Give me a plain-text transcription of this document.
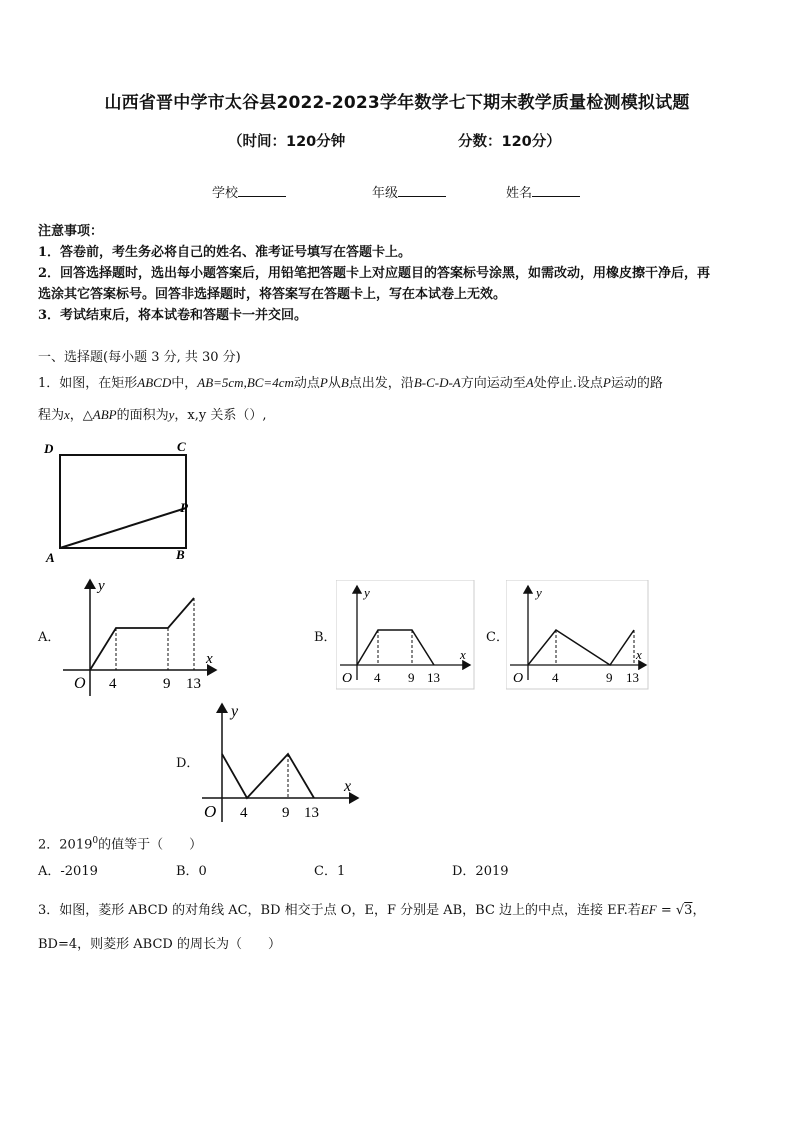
山西省晋中学市太谷县2022-2023学年数学七下期末教学质量检测模拟试题
（时间：120分钟	分数：120分）
学校	年级	姓名
注意事项：
1．答卷前，考生务必将自己的姓名、准考证号填写在答题卡上。
2．回答选择题时，选出每小题答案后，用铅笔把答题卡上对应题目的答案标号涂黑，如需改动，用橡皮擦干净后，再
选涂其它答案标号。回答非选择题时，将答案写在答题卡上，写在本试卷上无效。
3．考试结束后，将本试卷和答题卡一并交回。
一、选择题(每小题 3 分, 共 30 分)
1．如图，在矩形ABCD中，AB=5cm,BC=4cm动点P从B点出发，沿B-C-D-A方向运动至A处停止.设点P运动的路
程为x，△ABP的面积为y，x,y 关系（）,
D	C
P
A	B
A．	B．	C．
D．
y
x
O 4	9 13
y
x
O 4 9 13
y
x
O 4	9 13
y
x
O 4 9 13
2．2019$^0$的值等于（　　）
A．-2019	B．0	C．1	D．2019
3．如图，菱形 ABCD 的对角线 AC，BD 相交于点 O，E，F 分别是 AB，BC 边上的中点，连接 EF.若EF = √3，
BD=4，则菱形 ABCD 的周长为（　　）
